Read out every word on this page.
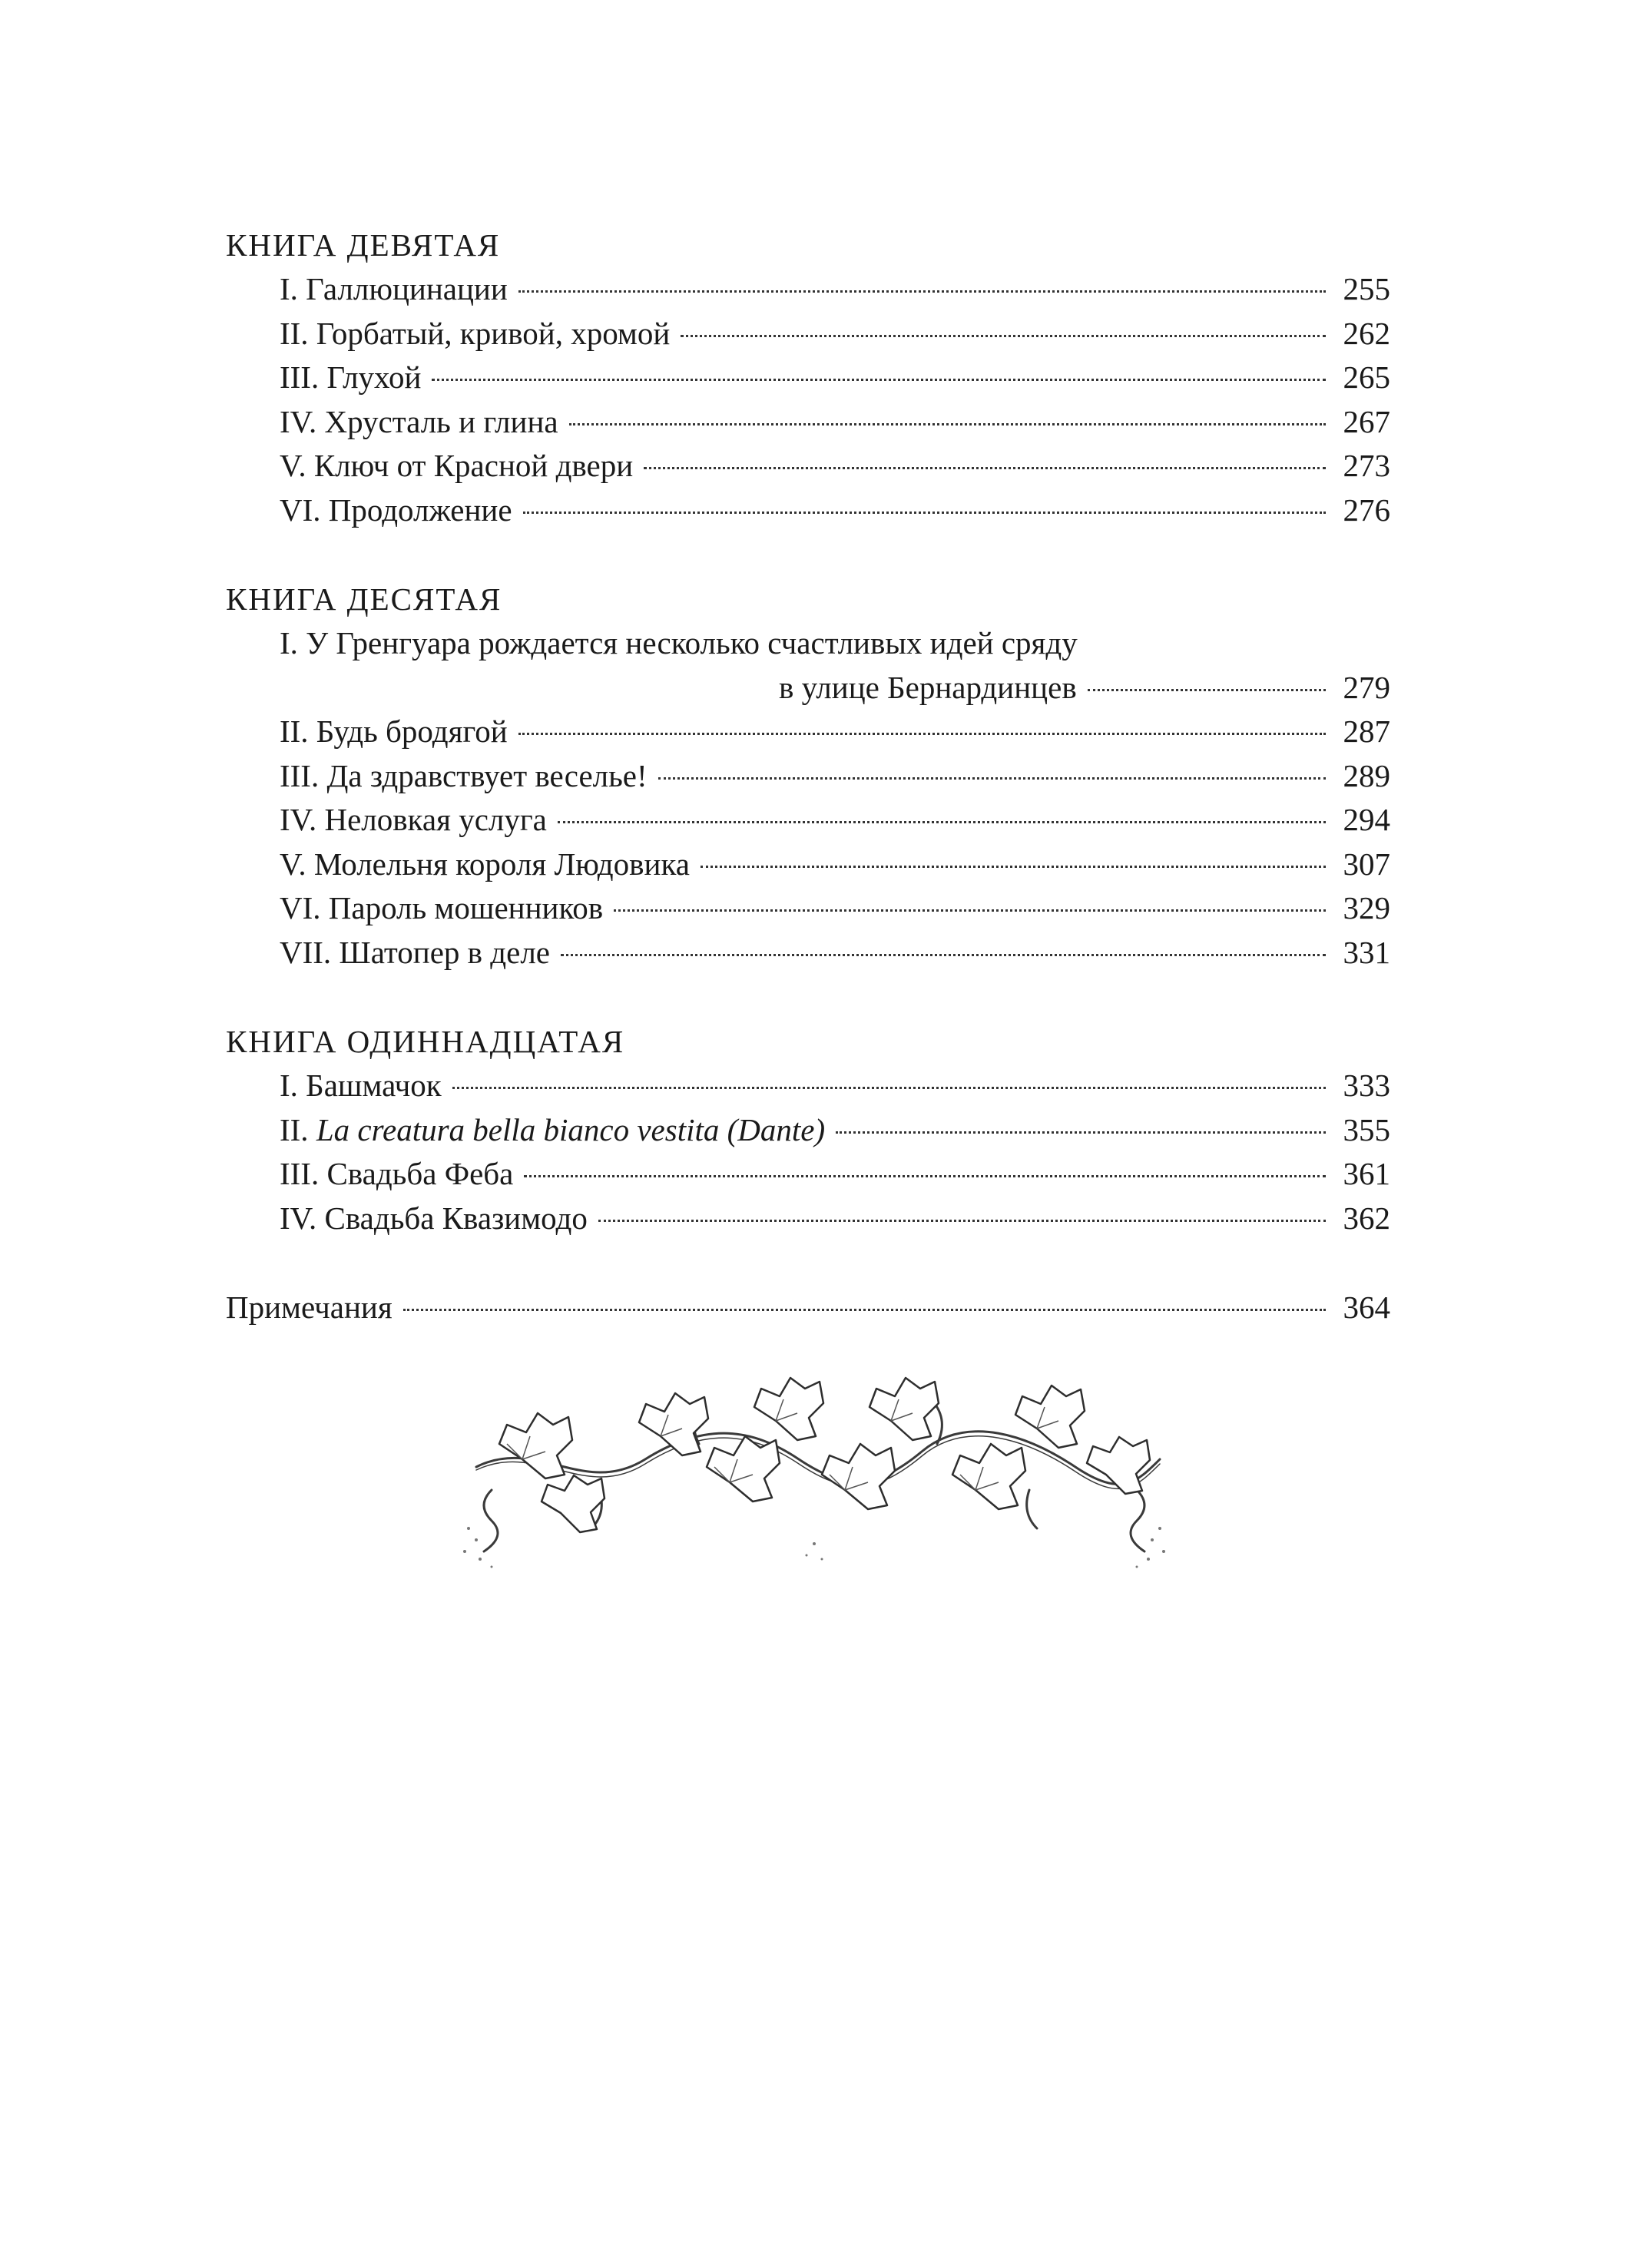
КНИГА ДЕВЯТАЯ
I. Галлюцинации	255
II. Горбатый, кривой, хромой	262
III. Глухой	265
IV. Хрусталь и глина	267
V. Ключ от Красной двери	273
VI. Продолжение	276
КНИГА ДЕСЯТАЯ
I. У Гренгуара рождается несколько счастливых идей сряду
в улице Бернардинцев	279
II. Будь бродягой	287
III. Да здравствует веселье!	289
IV. Неловкая услуга	294
V. Молельня короля Людовика	307
VI. Пароль мошенников	329
VII. Шатопер в деле	331
КНИГА ОДИННАДЦАТАЯ
I. Башмачок	333
II. La creatura bella bianco vestita (Dante)	355
III. Свадьба Феба	361
IV. Свадьба Квазимодо	362
Примечания	364
